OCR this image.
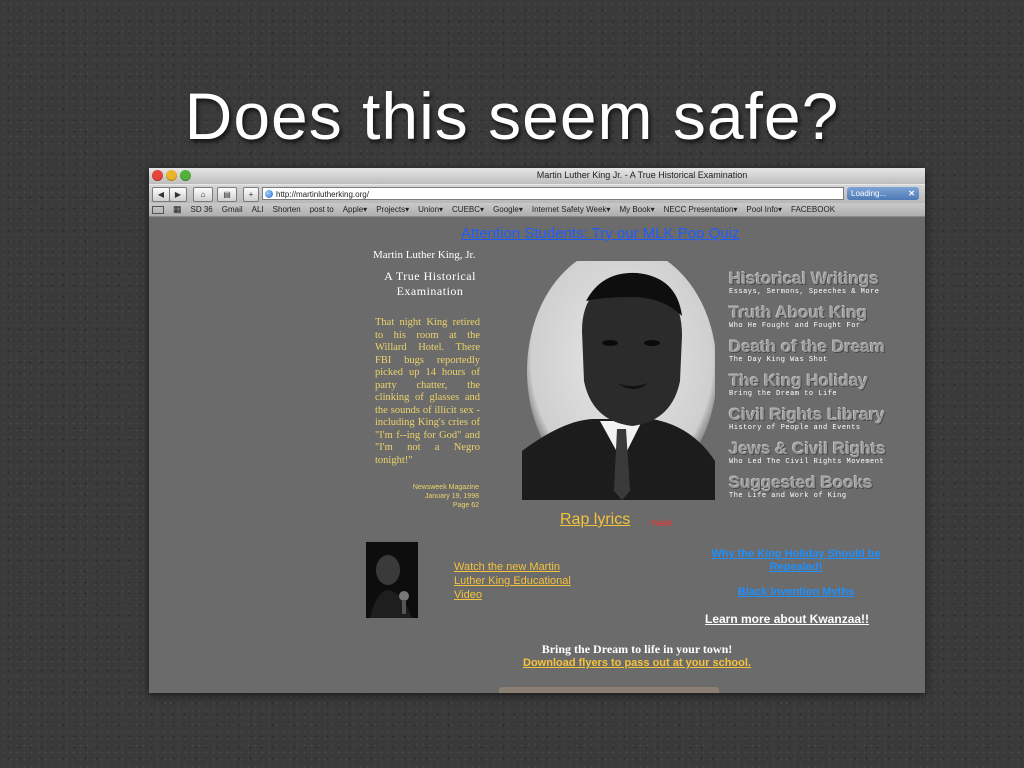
Does this seem safe?
Martin Luther King Jr. - A True Historical Examination
◀	▶	⌂	▤	+	http://martinlutherking.org/	Loading...	✕
▦ SD 36 Gmail ALI Shorten post to Apple▾ Projects▾ Union▾ CUEBC▾ Google▾ Internet Safety Week▾ My Book▾ NECC Presentation▾ Pool Info▾ FACEBOOK
Attention Students: Try our MLK Pop Quiz
Martin Luther King, Jr.
A True Historical Examination
That night King retired to his room at the Willard Hotel. There FBI bugs reportedly picked up 14 hours of party chatter, the clinking of glasses and the sounds of illicit sex - including King's cries of "I'm f--ing for God" and "I'm not a Negro tonight!"
Newsweek Magazine
January 19, 1998
Page 62
Historical Writings
Essays, Sermons, Speeches & More
Truth About King
Who He Fought and Fought For
Death of the Dream
The Day King Was Shot
The King Holiday
Bring the Dream to Life
Civil Rights Library
History of People and Events
Jews & Civil Rights
Who Led The Civil Rights Movement
Suggested Books
The Life and Work of King
Rap lyrics - New!
Watch the new Martin Luther King Educational Video
Why the King Holiday Should be Repealed!
Black Invention Myths
Learn more about Kwanzaa!!
Bring the Dream to life in your town!
Download flyers to pass out at your school.
